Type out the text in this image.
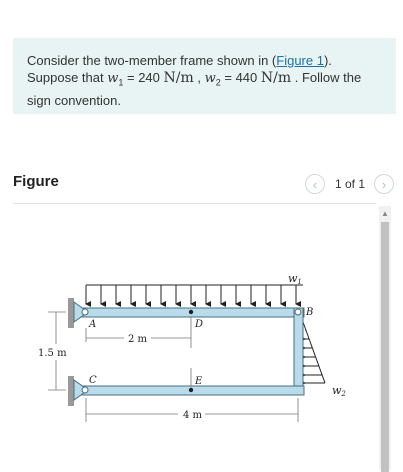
Consider the two-member frame shown in (Figure 1).
Suppose that $w_1 = 240$ N/m , $w_2 = 440$ N/m . Follow the
sign convention.
Figure	‹ 1 of 1 ›
w1
w2
A
B
C
D
E
2 m
4 m
1.5 m
▲
